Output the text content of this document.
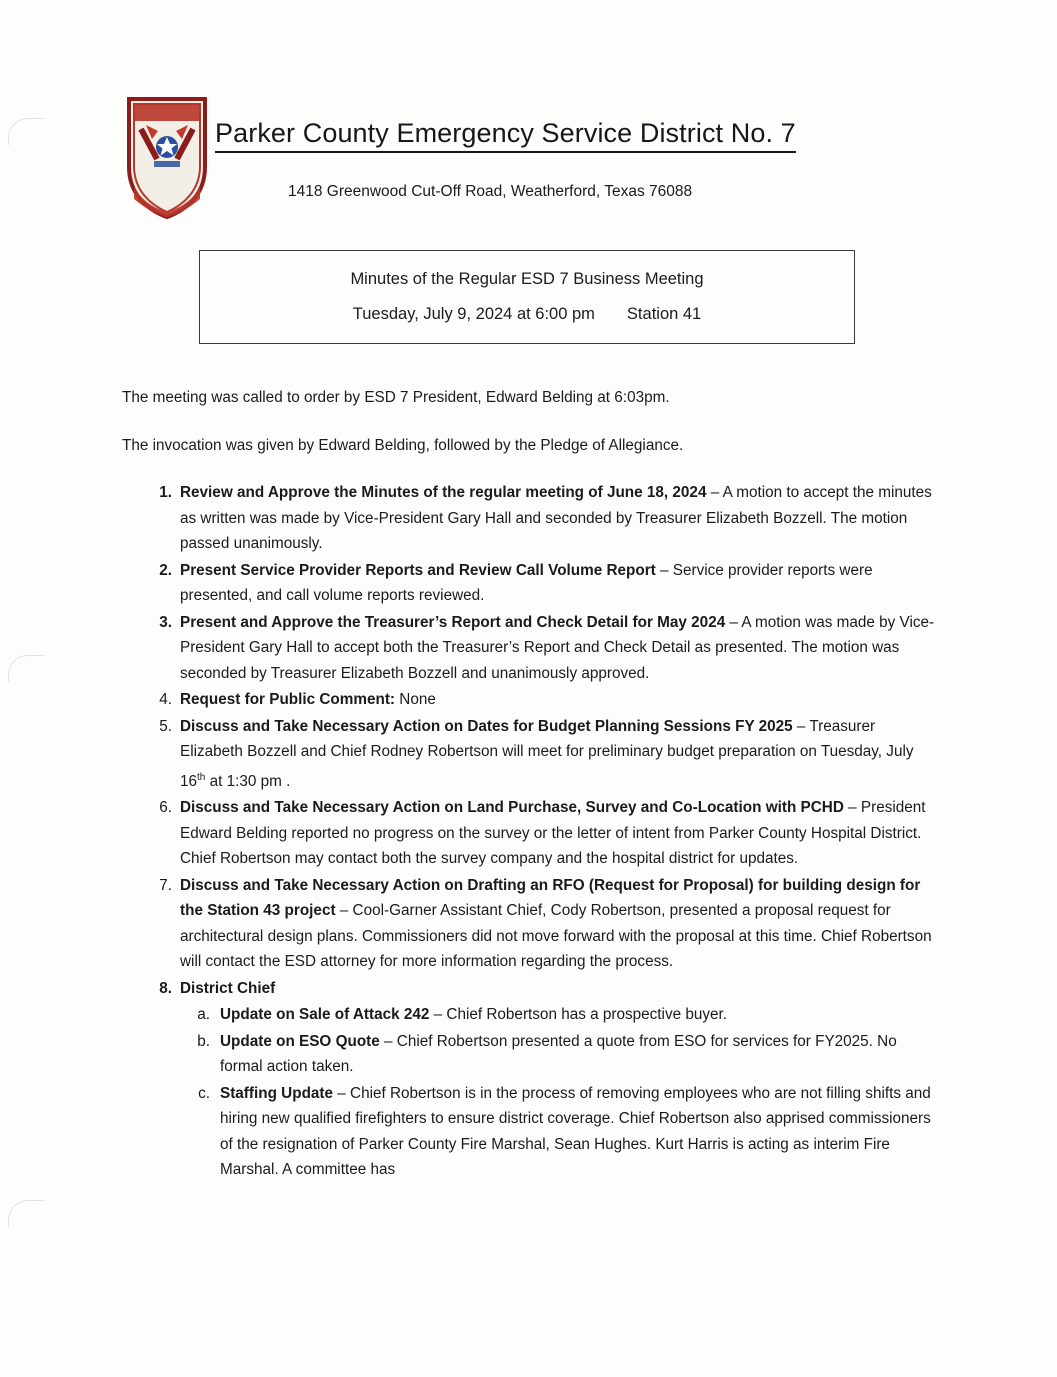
Parker County Emergency Service District No. 7
1418 Greenwood Cut-Off Road, Weatherford, Texas 76088
Minutes of the Regular ESD 7 Business Meeting
Tuesday, July 9, 2024 at 6:00 pm Station 41
The meeting was called to order by ESD 7 President, Edward Belding at 6:03pm.
The invocation was given by Edward Belding, followed by the Pledge of Allegiance.
1. Review and Approve the Minutes of the regular meeting of June 18, 2024 – A motion to accept the minutes as written was made by Vice-President Gary Hall and seconded by Treasurer Elizabeth Bozzell. The motion passed unanimously.
2. Present Service Provider Reports and Review Call Volume Report – Service provider reports were presented, and call volume reports reviewed.
3. Present and Approve the Treasurer’s Report and Check Detail for May 2024 – A motion was made by Vice-President Gary Hall to accept both the Treasurer’s Report and Check Detail as presented. The motion was seconded by Treasurer Elizabeth Bozzell and unanimously approved.
4. Request for Public Comment: None
5. Discuss and Take Necessary Action on Dates for Budget Planning Sessions FY 2025 – Treasurer Elizabeth Bozzell and Chief Rodney Robertson will meet for preliminary budget preparation on Tuesday, July 16th at 1:30 pm .
6. Discuss and Take Necessary Action on Land Purchase, Survey and Co-Location with PCHD – President Edward Belding reported no progress on the survey or the letter of intent from Parker County Hospital District. Chief Robertson may contact both the survey company and the hospital district for updates.
7. Discuss and Take Necessary Action on Drafting an RFO (Request for Proposal) for building design for the Station 43 project – Cool-Garner Assistant Chief, Cody Robertson, presented a proposal request for architectural design plans. Commissioners did not move forward with the proposal at this time. Chief Robertson will contact the ESD attorney for more information regarding the process.
8. District Chief
a. Update on Sale of Attack 242 – Chief Robertson has a prospective buyer.
b. Update on ESO Quote – Chief Robertson presented a quote from ESO for services for FY2025. No formal action taken.
c. Staffing Update – Chief Robertson is in the process of removing employees who are not filling shifts and hiring new qualified firefighters to ensure district coverage. Chief Robertson also apprised commissioners of the resignation of Parker County Fire Marshal, Sean Hughes. Kurt Harris is acting as interim Fire Marshal. A committee has
